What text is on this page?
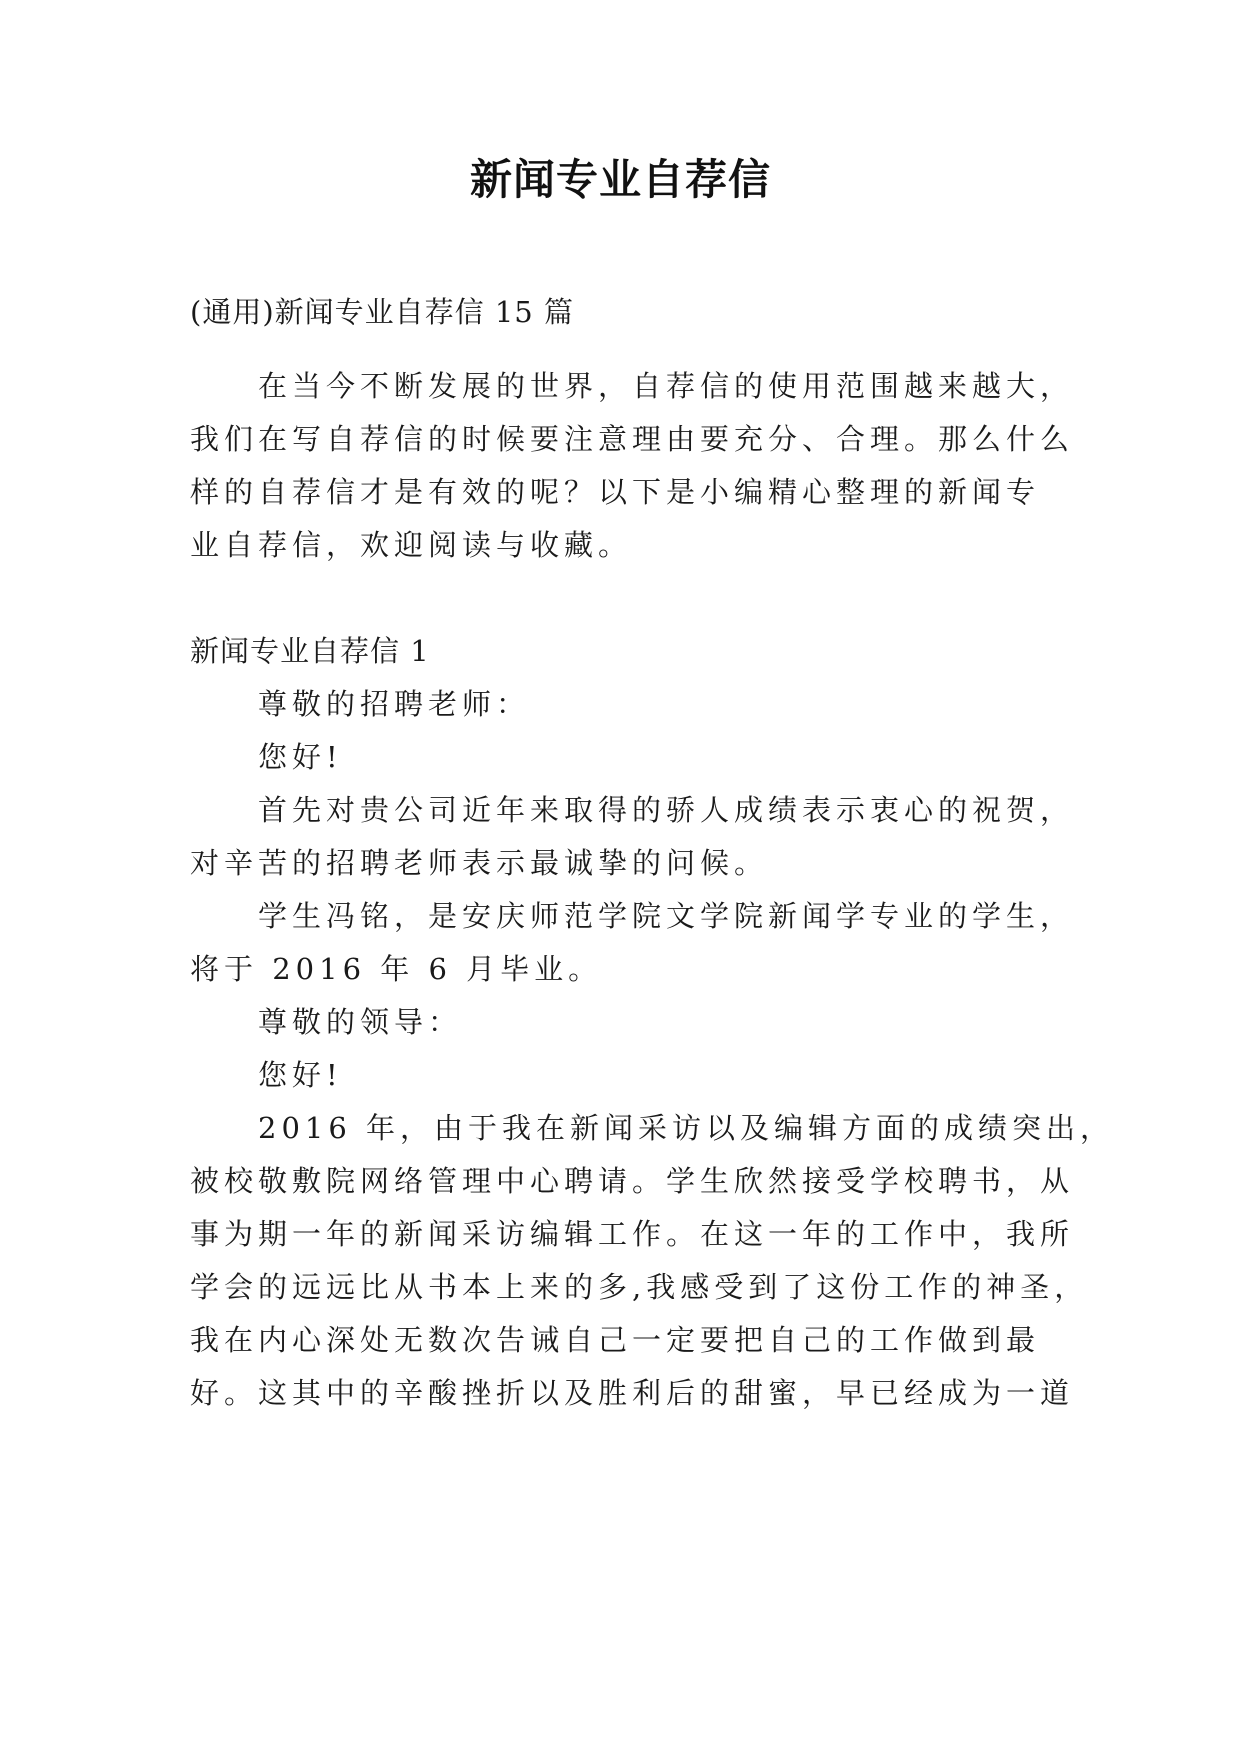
新闻专业自荐信
(通用)新闻专业自荐信 15 篇
在当今不断发展的世界，自荐信的使用范围越来越大，
我们在写自荐信的时候要注意理由要充分、合理。那么什么
样的自荐信才是有效的呢？以下是小编精心整理的新闻专
业自荐信，欢迎阅读与收藏。
新闻专业自荐信 1
尊敬的招聘老师：
您好!
首先对贵公司近年来取得的骄人成绩表示衷心的祝贺，
对辛苦的招聘老师表示最诚挚的问候。
学生冯铭，是安庆师范学院文学院新闻学专业的学生，
将于 2016 年 6 月毕业。
尊敬的领导：
您好!
2016 年，由于我在新闻采访以及编辑方面的成绩突出，
被校敬敷院网络管理中心聘请。学生欣然接受学校聘书，从
事为期一年的新闻采访编辑工作。在这一年的工作中，我所
学会的远远比从书本上来的多,我感受到了这份工作的神圣，
我在内心深处无数次告诫自己一定要把自己的工作做到最
好。这其中的辛酸挫折以及胜利后的甜蜜，早已经成为一道
